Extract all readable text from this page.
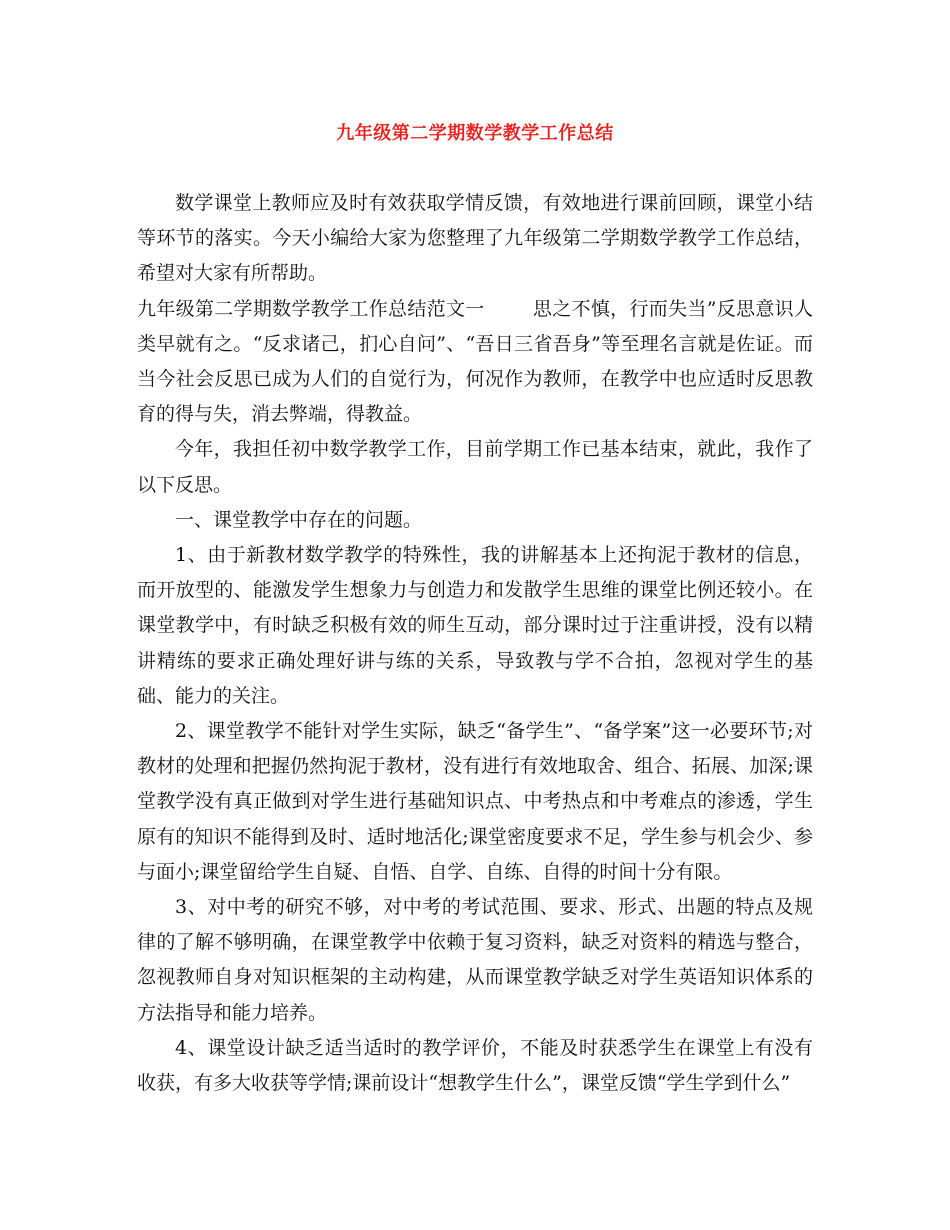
九年级第二学期数学教学工作总结

数学课堂上教师应及时有效获取学情反馈，有效地进行课前回顾，课堂小结等环节的落实。今天小编给大家为您整理了九年级第二学期数学教学工作总结，希望对大家有所帮助。

九年级第二学期数学教学工作总结范文一	思之不慎，行而失当”反思意识人类早就有之。“反求诸己，扪心自问”、“吾日三省吾身”等至理名言就是佐证。而当今社会反思已成为人们的自觉行为，何况作为教师，在教学中也应适时反思教育的得与失，消去弊端，得教益。

今年，我担任初中数学教学工作，目前学期工作已基本结束，就此，我作了以下反思。

一、课堂教学中存在的问题。

1、由于新教材数学教学的特殊性，我的讲解基本上还拘泥于教材的信息，而开放型的、能激发学生想象力与创造力和发散学生思维的课堂比例还较小。在课堂教学中，有时缺乏积极有效的师生互动，部分课时过于注重讲授，没有以精讲精练的要求正确处理好讲与练的关系，导致教与学不合拍，忽视对学生的基础、能力的关注。

2、课堂教学不能针对学生实际，缺乏“备学生”、“备学案”这一必要环节;对教材的处理和把握仍然拘泥于教材，没有进行有效地取舍、组合、拓展、加深;课堂教学没有真正做到对学生进行基础知识点、中考热点和中考难点的渗透，学生原有的知识不能得到及时、适时地活化;课堂密度要求不足，学生参与机会少、参与面小;课堂留给学生自疑、自悟、自学、自练、自得的时间十分有限。

3、对中考的研究不够，对中考的考试范围、要求、形式、出题的特点及规律的了解不够明确，在课堂教学中依赖于复习资料，缺乏对资料的精选与整合，忽视教师自身对知识框架的主动构建，从而课堂教学缺乏对学生英语知识体系的方法指导和能力培养。

4、课堂设计缺乏适当适时的教学评价，不能及时获悉学生在课堂上有没有收获，有多大收获等学情;课前设计“想教学生什么”，课堂反馈“学生学到什么”
